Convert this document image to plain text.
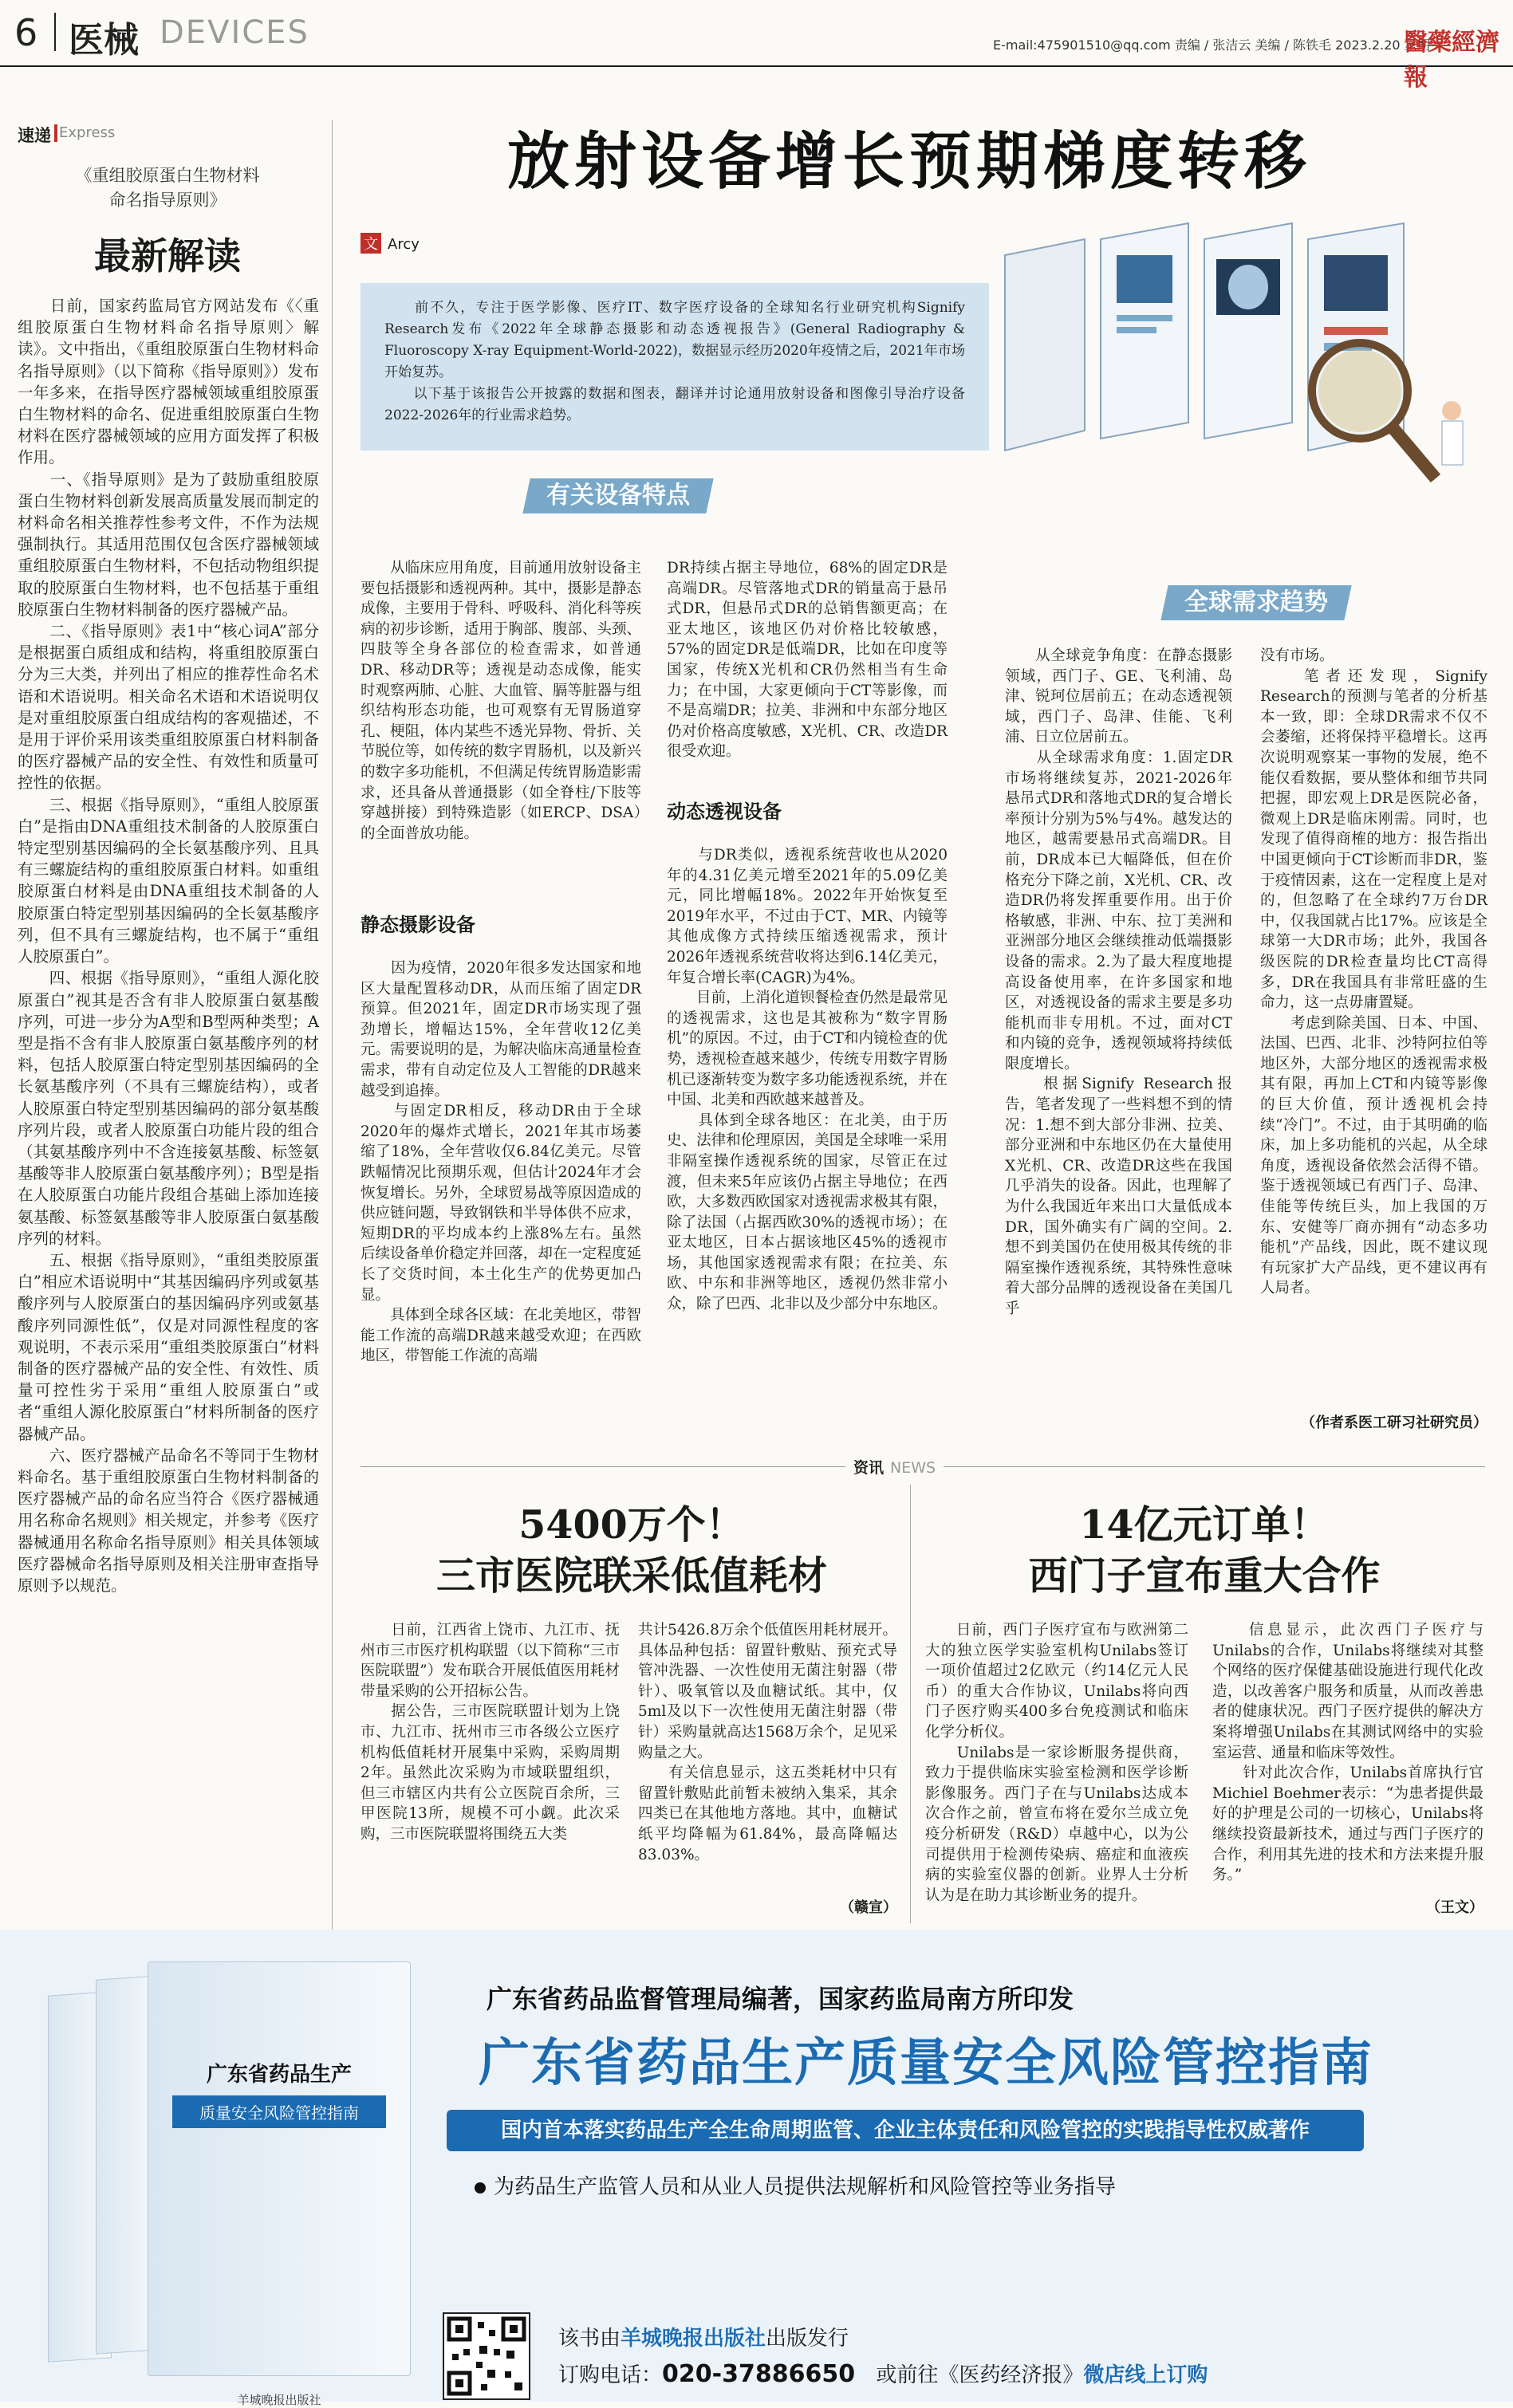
6 医械 DEVICES	E-mail:475901510@qq.com 责编 / 张洁云 美编 / 陈铁毛 2023.2.20 星期一
醫藥經濟報
速递 Express
《重组胶原蛋白生物材料
命名指导原则》
最新解读
　　日前，国家药监局官方网站发布《〈重组胶原蛋白生物材料命名指导原则〉解读》。文中指出，《重组胶原蛋白生物材料命名指导原则》（以下简称《指导原则》）发布一年多来，在指导医疗器械领域重组胶原蛋白生物材料的命名、促进重组胶原蛋白生物材料在医疗器械领域的应用方面发挥了积极作用。
　　一、《指导原则》是为了鼓励重组胶原蛋白生物材料创新发展高质量发展而制定的材料命名相关推荐性参考文件，不作为法规强制执行。其适用范围仅包含医疗器械领域重组胶原蛋白生物材料，不包括动物组织提取的胶原蛋白生物材料，也不包括基于重组胶原蛋白生物材料制备的医疗器械产品。
　　二、《指导原则》表1中“核心词A”部分是根据蛋白质组成和结构，将重组胶原蛋白分为三大类，并列出了相应的推荐性命名术语和术语说明。相关命名术语和术语说明仅是对重组胶原蛋白组成结构的客观描述，不是用于评价采用该类重组胶原蛋白材料制备的医疗器械产品的安全性、有效性和质量可控性的依据。
　　三、根据《指导原则》，“重组人胶原蛋白”是指由DNA重组技术制备的人胶原蛋白特定型别基因编码的全长氨基酸序列、且具有三螺旋结构的重组胶原蛋白材料。如重组胶原蛋白材料是由DNA重组技术制备的人胶原蛋白特定型别基因编码的全长氨基酸序列，但不具有三螺旋结构，也不属于“重组人胶原蛋白”。
　　四、根据《指导原则》，“重组人源化胶原蛋白”视其是否含有非人胶原蛋白氨基酸序列，可进一步分为A型和B型两种类型；A型是指不含有非人胶原蛋白氨基酸序列的材料，包括人胶原蛋白特定型别基因编码的全长氨基酸序列（不具有三螺旋结构），或者人胶原蛋白特定型别基因编码的部分氨基酸序列片段，或者人胶原蛋白功能片段的组合（其氨基酸序列中不含连接氨基酸、标签氨基酸等非人胶原蛋白氨基酸序列）；B型是指在人胶原蛋白功能片段组合基础上添加连接氨基酸、标签氨基酸等非人胶原蛋白氨基酸序列的材料。
　　五、根据《指导原则》，“重组类胶原蛋白”相应术语说明中“其基因编码序列或氨基酸序列与人胶原蛋白的基因编码序列或氨基酸序列同源性低”，仅是对同源性程度的客观说明，不表示采用“重组类胶原蛋白”材料制备的医疗器械产品的安全性、有效性、质量可控性劣于采用“重组人胶原蛋白”或者“重组人源化胶原蛋白”材料所制备的医疗器械产品。
　　六、医疗器械产品命名不等同于生物材料命名。基于重组胶原蛋白生物材料制备的医疗器械产品的命名应当符合《医疗器械通用名称命名规则》相关规定，并参考《医疗器械通用名称命名指导原则》相关具体领域医疗器械命名指导原则及相关注册审查指导原则予以规范。
放射设备增长预期梯度转移
文 Arcy
　　前不久，专注于医学影像、医疗IT、数字医疗设备的全球知名行业研究机构Signify Research发布《2022年全球静态摄影和动态透视报告》(General Radiography & Fluoroscopy X-ray Equipment-World-2022)，数据显示经历2020年疫情之后，2021年市场开始复苏。
　　以下基于该报告公开披露的数据和图表，翻译并讨论通用放射设备和图像引导治疗设备2022-2026年的行业需求趋势。
有关设备特点
　　从临床应用角度，目前通用放射设备主要包括摄影和透视两种。其中，摄影是静态成像，主要用于骨科、呼吸科、消化科等疾病的初步诊断，适用于胸部、腹部、头颈、四肢等全身各部位的检查需求，如普通DR、移动DR等；透视是动态成像，能实时观察两肺、心脏、大血管、膈等脏器与组织结构形态功能，也可观察有无胃肠道穿孔、梗阻，体内某些不透光异物、骨折、关节脱位等，如传统的数字胃肠机，以及新兴的数字多功能机，不但满足传统胃肠造影需求，还具备从普通摄影（如全脊柱/下肢等穿越拼接）到特殊造影（如ERCP、DSA）的全面普放功能。
静态摄影设备
　　因为疫情，2020年很多发达国家和地区大量配置移动DR，从而压缩了固定DR预算。但2021年，固定DR市场实现了强劲增长，增幅达15%，全年营收12亿美元。需要说明的是，为解决临床高通量检查需求，带有自动定位及人工智能的DR越来越受到追捧。
　　与固定DR相反，移动DR由于全球2020年的爆炸式增长，2021年其市场萎缩了18%，全年营收仅6.84亿美元。尽管跌幅情况比预期乐观，但估计2024年才会恢复增长。另外，全球贸易战等原因造成的供应链问题，导致钢铁和半导体供不应求，短期DR的平均成本约上涨8%左右。虽然后续设备单价稳定并回落，却在一定程度延长了交货时间，本土化生产的优势更加凸显。
　　具体到全球各区域：在北美地区，带智能工作流的高端DR越来越受欢迎；在西欧地区，带智能工作流的高端
DR持续占据主导地位，68%的固定DR是高端DR。尽管落地式DR的销量高于悬吊式DR，但悬吊式DR的总销售额更高；在亚太地区，该地区仍对价格比较敏感，57%的固定DR是低端DR，比如在印度等国家，传统X光机和CR仍然相当有生命力；在中国，大家更倾向于CT等影像，而不是高端DR；拉美、非洲和中东部分地区仍对价格高度敏感，X光机、CR、改造DR很受欢迎。
动态透视设备
　　与DR类似，透视系统营收也从2020年的4.31亿美元增至2021年的5.09亿美元，同比增幅18%。2022年开始恢复至2019年水平，不过由于CT、MR、内镜等其他成像方式持续压缩透视需求，预计2026年透视系统营收将达到6.14亿美元，年复合增长率(CAGR)为4%。
　　目前，上消化道钡餐检查仍然是最常见的透视需求，这也是其被称为“数字胃肠机”的原因。不过，由于CT和内镜检查的优势，透视检查越来越少，传统专用数字胃肠机已逐渐转变为数字多功能透视系统，并在中国、北美和西欧越来越普及。
　　具体到全球各地区：在北美，由于历史、法律和伦理原因，美国是全球唯一采用非隔室操作透视系统的国家，尽管正在过渡，但未来5年应该仍占据主导地位；在西欧，大多数西欧国家对透视需求极其有限，除了法国（占据西欧30%的透视市场）；在亚太地区，日本占据该地区45%的透视市场，其他国家透视需求有限；在拉美、东欧、中东和非洲等地区，透视仍然非常小众，除了巴西、北非以及少部分中东地区。
全球需求趋势
　　从全球竞争角度：在静态摄影领域，西门子、GE、飞利浦、岛津、锐珂位居前五；在动态透视领域，西门子、岛津、佳能、飞利浦、日立位居前五。
　　从全球需求角度：1.固定DR市场将继续复苏，2021-2026年悬吊式DR和落地式DR的复合增长率预计分别为5%与4%。越发达的地区，越需要悬吊式高端DR。目前，DR成本已大幅降低，但在价格充分下降之前，X光机、CR、改造DR仍将发挥重要作用。出于价格敏感，非洲、中东、拉丁美洲和亚洲部分地区会继续推动低端摄影设备的需求。2.为了最大程度地提高设备使用率，在许多国家和地区，对透视设备的需求主要是多功能机而非专用机。不过，面对CT和内镜的竞争，透视领域将持续低限度增长。
　　根据Signify Research报告，笔者发现了一些料想不到的情况：1.想不到大部分非洲、拉美、部分亚洲和中东地区仍在大量使用X光机、CR、改造DR这些在我国几乎消失的设备。因此，也理解了为什么我国近年来出口大量低成本DR，国外确实有广阔的空间。2.想不到美国仍在使用极其传统的非隔室操作透视系统，其特殊性意味着大部分品牌的透视设备在美国几乎
没有市场。
　　笔者还发现，Signify Research的预测与笔者的分析基本一致，即：全球DR需求不仅不会萎缩，还将保持平稳增长。这再次说明观察某一事物的发展，绝不能仅看数据，要从整体和细节共同把握，即宏观上DR是医院必备，微观上DR是临床刚需。同时，也发现了值得商榷的地方：报告指出中国更倾向于CT诊断而非DR，鉴于疫情因素，这在一定程度上是对的，但忽略了在全球约7万台DR中，仅我国就占比17%。应该是全球第一大DR市场；此外，我国各级医院的DR检查量均比CT高得多，DR在我国具有非常旺盛的生命力，这一点毋庸置疑。
　　考虑到除美国、日本、中国、法国、巴西、北非、沙特阿拉伯等地区外，大部分地区的透视需求极其有限，再加上CT和内镜等影像的巨大价值，预计透视机会持续“冷门”。不过，由于其明确的临床，加上多功能机的兴起，从全球角度，透视设备依然会活得不错。鉴于透视领域已有西门子、岛津、佳能等传统巨头，加上我国的万东、安健等厂商亦拥有“动态多功能机”产品线，因此，既不建议现有玩家扩大产品线，更不建议再有人局者。
（作者系医工研习社研究员）
资讯 NEWS
5400万个！
三市医院联采低值耗材
　　日前，江西省上饶市、九江市、抚州市三市医疗机构联盟（以下简称“三市医院联盟”）发布联合开展低值医用耗材带量采购的公开招标公告。
　　据公告，三市医院联盟计划为上饶市、九江市、抚州市三市各级公立医疗机构低值耗材开展集中采购，采购周期2年。虽然此次采购为市域联盟组织，但三市辖区内共有公立医院百余所，三甲医院13所，规模不可小觑。此次采购，三市医院联盟将围绕五大类
共计5426.8万余个低值医用耗材展开。具体品种包括：留置针敷贴、预充式导管冲洗器、一次性使用无菌注射器（带针）、吸氧管以及血糖试纸。其中，仅5ml及以下一次性使用无菌注射器（带针）采购量就高达1568万余个，足见采购量之大。
　　有关信息显示，这五类耗材中只有留置针敷贴此前暂未被纳入集采，其余四类已在其他地方落地。其中，血糖试纸平均降幅为61.84%，最高降幅达83.03%。
（赣宣）
14亿元订单！
西门子宣布重大合作
　　日前，西门子医疗宣布与欧洲第二大的独立医学实验室机构Unilabs签订一项价值超过2亿欧元（约14亿元人民币）的重大合作协议，Unilabs将向西门子医疗购买400多台免疫测试和临床化学分析仪。
　　Unilabs是一家诊断服务提供商，致力于提供临床实验室检测和医学诊断影像服务。西门子在与Unilabs达成本次合作之前，曾宣布将在爱尔兰成立免疫分析研发（R&D）卓越中心，以为公司提供用于检测传染病、癌症和血液疾病的实验室仪器的创新。业界人士分析认为是在助力其诊断业务的提升。
　　信息显示，此次西门子医疗与Unilabs的合作，Unilabs将继续对其整个网络的医疗保健基础设施进行现代化改造，以改善客户服务和质量，从而改善患者的健康状况。西门子医疗提供的解决方案将增强Unilabs在其测试网络中的实验室运营、通量和临床等效性。
　　针对此次合作，Unilabs首席执行官Michiel Boehmer表示：“为患者提供最好的护理是公司的一切核心，Unilabs将继续投资最新技术，通过与西门子医疗的合作，利用其先进的技术和方法来提升服务。”
（王文）
广东省药品生产
质量安全风险管控指南
羊城晚报出版社
广东省药品监督管理局编著，国家药监局南方所印发
广东省药品生产质量安全风险管控指南
国内首本落实药品生产全生命周期监管、企业主体责任和风险管控的实践指导性权威著作
为药品生产监管人员和从业人员提供法规解析和风险管控等业务指导
该书由羊城晚报出版社出版发行
订购电话：020-37886650 或前往《医药经济报》微店线上订购
